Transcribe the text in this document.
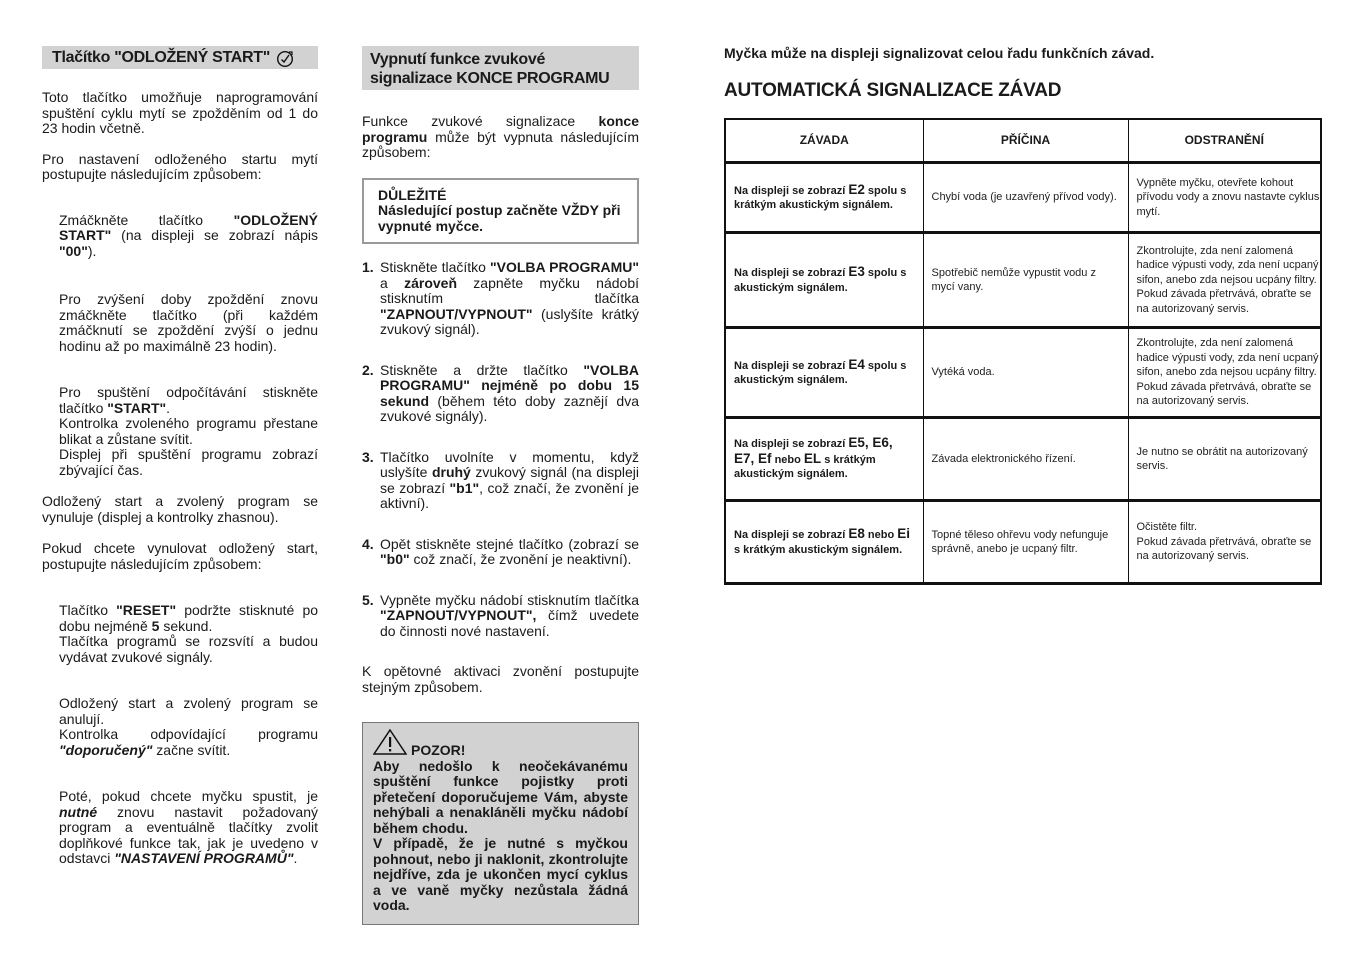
Tlačítko "ODLOŽENÝ START"

Toto tlačítko umožňuje naprogramování spuštění cyklu mytí se zpožděním od 1 do 23 hodin včetně.

Pro nastavení odloženého startu mytí postupujte následujícím způsobem:

Zmáčkněte tlačítko "ODLOŽENÝ START" (na displeji se zobrazí nápis "00").

Pro zvýšení doby zpoždění znovu zmáčkněte tlačítko (při každém zmáčknutí se zpoždění zvýší o jednu hodinu až po maximálně 23 hodin).

Pro spuštění odpočítávání stiskněte tlačítko "START".
Kontrolka zvoleného programu přestane blikat a zůstane svítit.
Displej při spuštění programu zobrazí zbývající čas.

Odložený start a zvolený program se vynuluje (displej a kontrolky zhasnou).

Pokud chcete vynulovat odložený start, postupujte následujícím způsobem:

Tlačítko "RESET" podržte stisknuté po dobu nejméně 5 sekund.
Tlačítka programů se rozsvítí a budou vydávat zvukové signály.
Odložený start a zvolený program se anulují.
Kontrolka odpovídající programu "doporučený" začne svítit.

Poté, pokud chcete myčku spustit, je nutné znovu nastavit požadovaný program a eventuálně tlačítky zvolit doplňkové funkce tak, jak je uvedeno v odstavci "NASTAVENÍ PROGRAMŮ".

Vypnutí funkce zvukové signalizace KONCE PROGRAMU

Funkce zvukové signalizace konce programu může být vypnuta následujícím způsobem:

DŮLEŽITÉ
Následující postup začněte VŽDY při vypnuté myčce.
1. Stiskněte tlačítko "VOLBA PROGRAMU" a zároveň zapněte myčku nádobí stisknutím tlačítka "ZAPNOUT/VYPNOUT" (uslyšíte krátký zvukový signál).
2. Stiskněte a držte tlačítko "VOLBA PROGRAMU" nejméně po dobu 15 sekund (během této doby zaznějí dva zvukové signály).
3. Tlačítko uvolníte v momentu, když uslyšíte druhý zvukový signál (na displeji se zobrazí "b1", což značí, že zvonění je aktivní).
4. Opět stiskněte stejné tlačítko (zobrazí se "b0" což značí, že zvonění je neaktivní).
5. Vypněte myčku nádobí stisknutím tlačítka "ZAPNOUT/VYPNOUT", čímž uvedete do činnosti nové nastavení.

K opětovné aktivaci zvonění postupujte stejným způsobem.

POZOR!
Aby nedošlo k neočekávanému spuštění funkce pojistky proti přetečení doporučujeme Vám, abyste nehýbali a nenakláněli myčku nádobí během chodu.
V případě, že je nutné s myčkou pohnout, nebo ji naklonit, zkontrolujte nejdříve, zda je ukončen mycí cyklus a ve vaně myčky nezůstala žádná voda.
Myčka může na displeji signalizovat celou řadu funkčních závad.
AUTOMATICKÁ SIGNALIZACE ZÁVAD
ZÁVADA	PŘÍČINA	ODSTRANĚNÍ
Na displeji se zobrazí E2 spolu s krátkým akustickým signálem.	Chybí voda (je uzavřený přívod vody).	Vypněte myčku, otevřete kohout přívodu vody a znovu nastavte cyklus mytí.
Na displeji se zobrazí E3 spolu s akustickým signálem.	Spotřebič nemůže vypustit vodu z mycí vany.	Zkontrolujte, zda není zalomená hadice výpusti vody, zda není ucpaný sifon, anebo zda nejsou ucpány filtry.
Pokud závada přetrvává, obraťte se na autorizovaný servis.
Na displeji se zobrazí E4 spolu s akustickým signálem.	Vytéká voda.	Zkontrolujte, zda není zalomená hadice výpusti vody, zda není ucpaný sifon, anebo zda nejsou ucpány filtry.
Pokud závada přetrvává, obraťte se na autorizovaný servis.
Na displeji se zobrazí E5, E6, E7, Ef nebo EL s krátkým akustickým signálem.	Závada elektronického řízení.	Je nutno se obrátit na autorizovaný servis.
Na displeji se zobrazí E8 nebo Ei s krátkým akustickým signálem.	Topné těleso ohřevu vody nefunguje správně, anebo je ucpaný filtr.	Očistěte filtr.
Pokud závada přetrvává, obraťte se na autorizovaný servis.
